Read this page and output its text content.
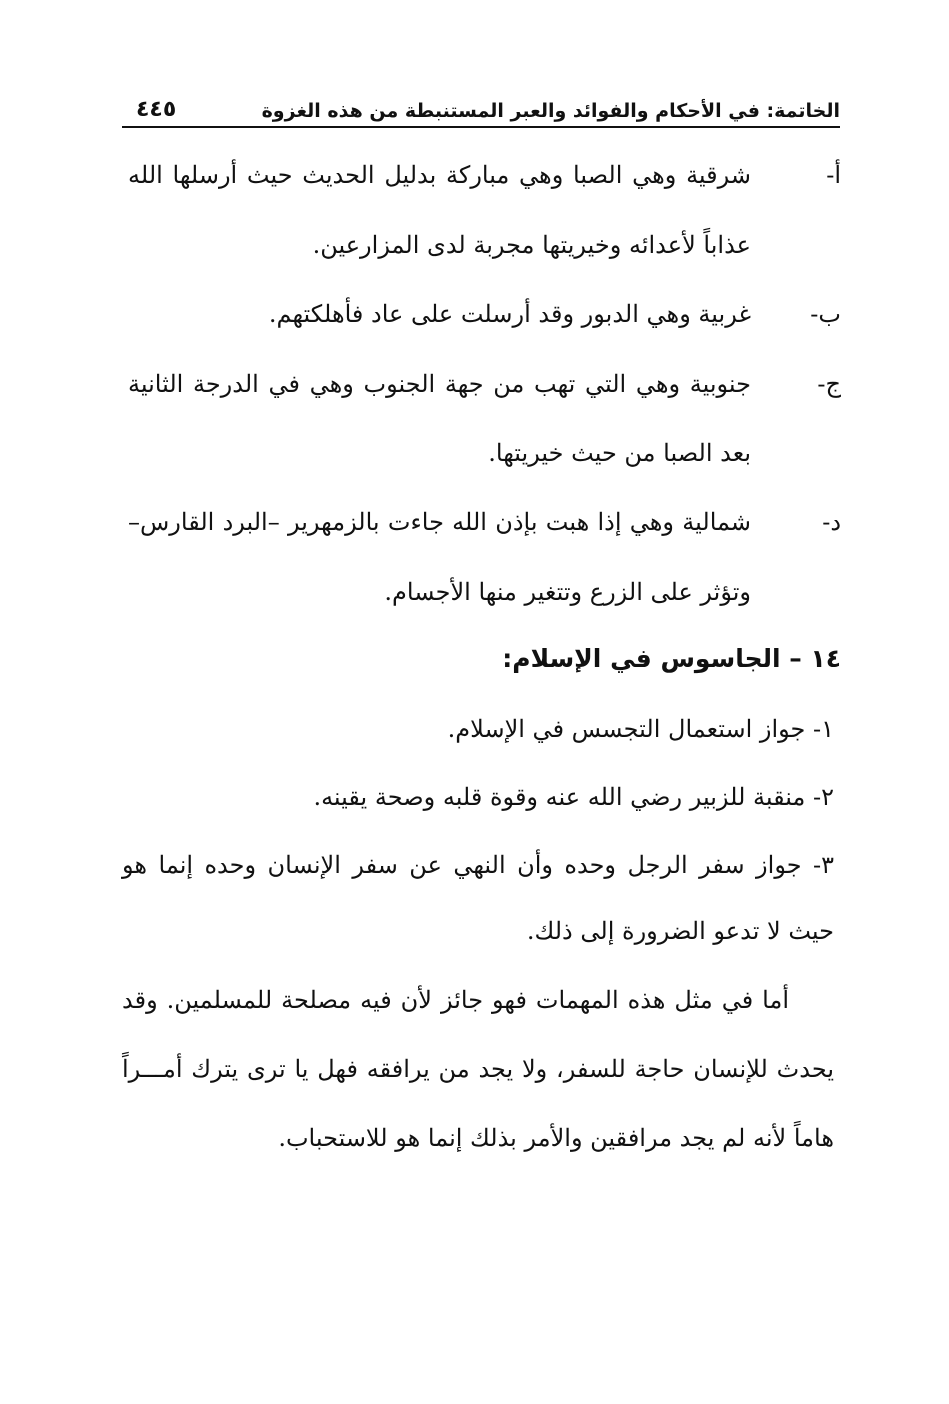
الخاتمة: في الأحكام والفوائد والعبر المستنبطة من هذه الغزوة
٤٤٥
أ-
شرقية وهي الصبا وهي مباركة بدليل الحديث حيث أرسلها الله
عذاباً لأعدائه وخيريتها مجربة لدى المزارعين.
ب-
غربية وهي الدبور وقد أرسلت على عاد فأهلكتهم.
ج-
جنوبية وهي التي تهب من جهة الجنوب وهي في الدرجة الثانية
بعد الصبا من حيث خيريتها.
د-
شمالية وهي إذا هبت بإذن الله جاءت بالزمهرير –البرد القارس–
وتؤثر على الزرع وتتغير منها الأجسام.
١٤ – الجاسوس في الإسلام:
١- جواز استعمال التجسس في الإسلام.
٢- منقبة للزبير رضي الله عنه وقوة قلبه وصحة يقينه.
٣- جواز سفر الرجل وحده وأن النهي عن سفر الإنسان وحده إنما هو
حيث لا تدعو الضرورة إلى ذلك.
أما في مثل هذه المهمات فهو جائز لأن فيه مصلحة للمسلمين. وقد
يحدث للإنسان حاجة للسفر، ولا يجد من يرافقه فهل يا ترى يترك أمـــراً
هاماً لأنه لم يجد مرافقين والأمر بذلك إنما هو للاستحباب.
